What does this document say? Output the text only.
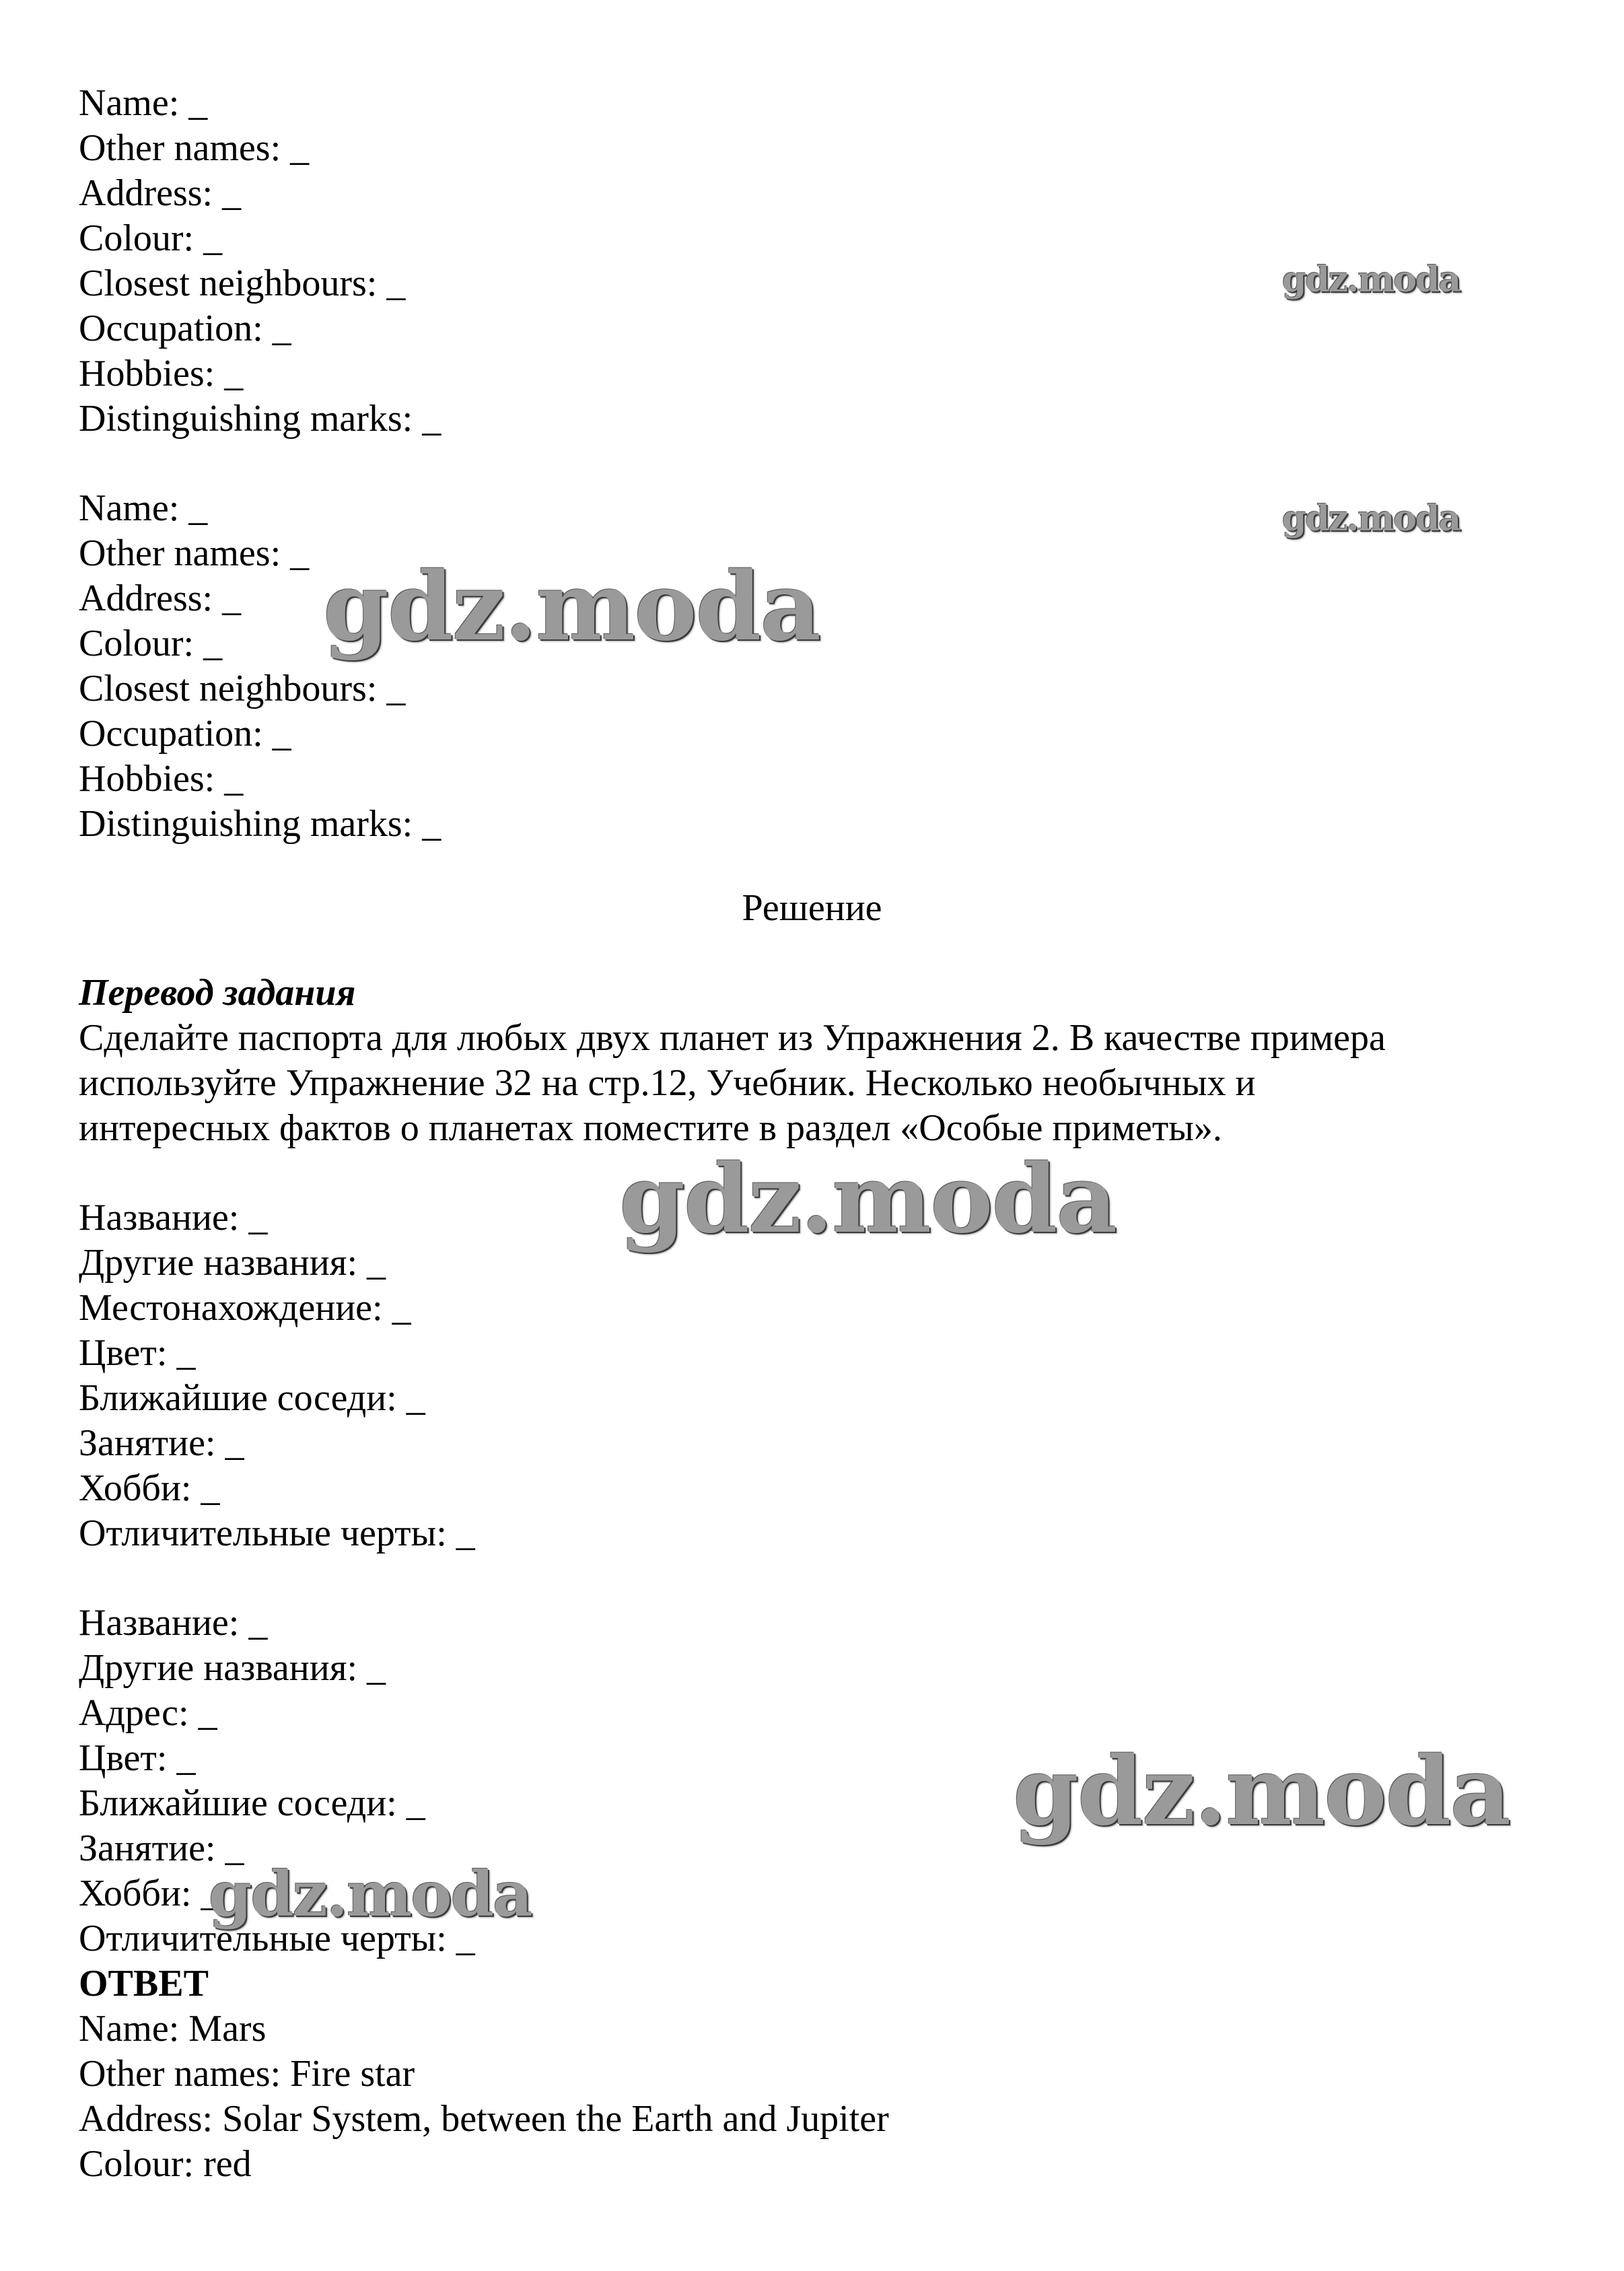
Name: _
Other names: _
Address: _
Colour: _
Closest neighbours: _
Occupation: _
Hobbies: _
Distinguishing marks: _
Name: _
Other names: _
Address: _
Colour: _
Closest neighbours: _
Occupation: _
Hobbies: _
Distinguishing marks: _
Решение
Перевод задания
Сделайте паспорта для любых двух планет из Упражнения 2. В качестве примера
используйте Упражнение 32 на стр.12, Учебник. Несколько необычных и
интересных фактов о планетах поместите в раздел «Особые приметы».
Название: _
Другие названия: _
Местонахождение: _
Цвет: _
Ближайшие соседи: _
Занятие: _
Хобби: _
Отличительные черты: _
Название: _
Другие названия: _
Адрес: _
Цвет: _
Ближайшие соседи: _
Занятие: _
Хобби: _
Отличительные черты: _
ОТВЕТ
Name: Mars
Other names: Fire star
Address: Solar System, between the Earth and Jupiter
Colour: red
gdz.moda
gdz.moda
gdz.moda
gdz.moda
gdz.moda
gdz.moda
